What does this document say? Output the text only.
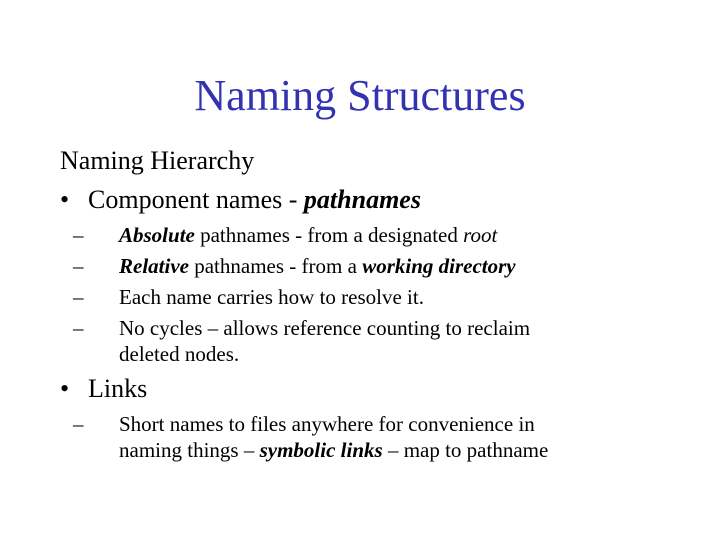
Naming Structures
Naming Hierarchy
• Component names - pathnames
– Absolute pathnames - from a designated root
– Relative pathnames - from a working directory
– Each name carries how to resolve it.
– No cycles – allows reference counting to reclaim
deleted nodes.
• Links
– Short names to files anywhere for convenience in
naming things – symbolic links – map to pathname
